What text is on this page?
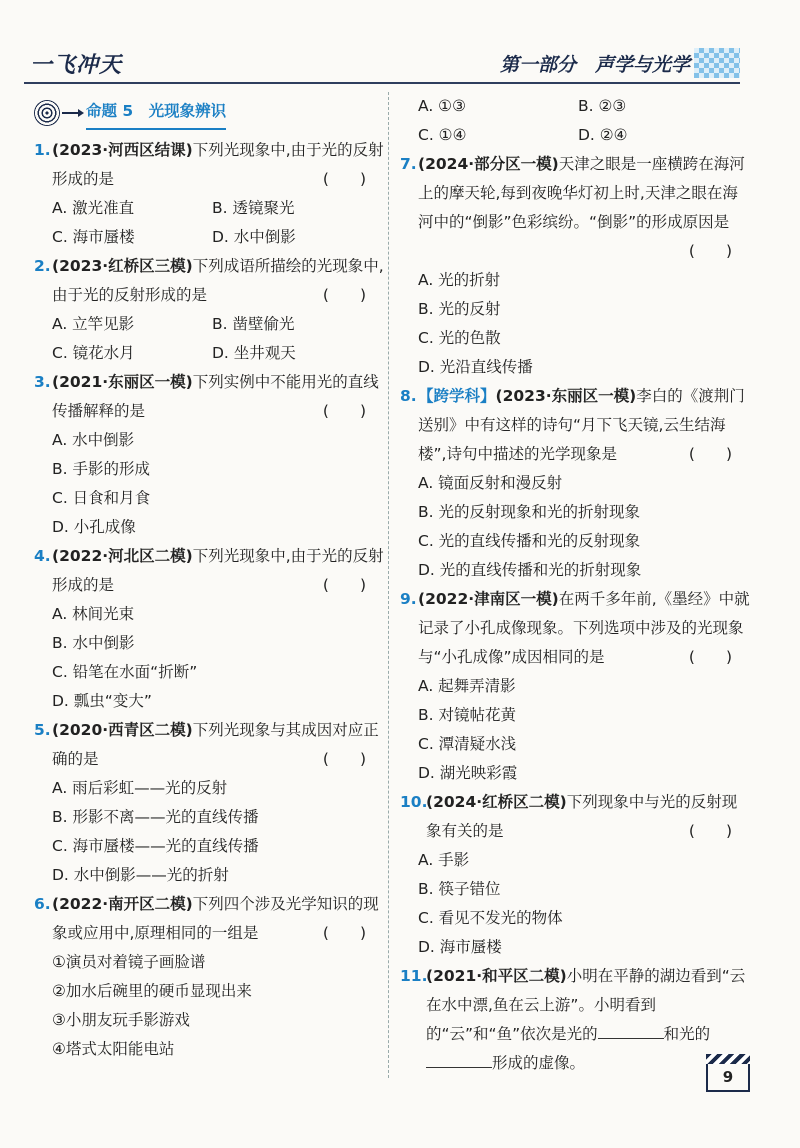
一飞冲天	第一部分　声学与光学
命题 5　光现象辨识
1. (2023·河西区结课)下列光现象中,由于光的反射形成的是	(　　)
A. 激光准直	B. 透镜聚光
C. 海市蜃楼	D. 水中倒影
2. (2023·红桥区三模)下列成语所描绘的光现象中,由于光的反射形成的是	(　　)
A. 立竿见影	B. 凿壁偷光
C. 镜花水月	D. 坐井观天
3. (2021·东丽区一模)下列实例中不能用光的直线传播解释的是	(　　)
A. 水中倒影
B. 手影的形成
C. 日食和月食
D. 小孔成像
4. (2022·河北区二模)下列光现象中,由于光的反射形成的是	(　　)
A. 林间光束
B. 水中倒影
C. 铅笔在水面“折断”
D. 瓢虫“变大”
5. (2020·西青区二模)下列光现象与其成因对应正确的是	(　　)
A. 雨后彩虹——光的反射
B. 形影不离——光的直线传播
C. 海市蜃楼——光的直线传播
D. 水中倒影——光的折射
6. (2022·南开区二模)下列四个涉及光学知识的现象或应用中,原理相同的一组是	(　　)
①演员对着镜子画脸谱
②加水后碗里的硬币显现出来
③小朋友玩手影游戏
④塔式太阳能电站
A. ①③	B. ②③
C. ①④	D. ②④
7. (2024·部分区一模)天津之眼是一座横跨在海河上的摩天轮,每到夜晚华灯初上时,天津之眼在海河中的“倒影”色彩缤纷。“倒影”的形成原因是
(　　)
A. 光的折射
B. 光的反射
C. 光的色散
D. 光沿直线传播
8. 【跨学科】(2023·东丽区一模)李白的《渡荆门送别》中有这样的诗句“月下飞天镜,云生结海楼”,诗句中描述的光学现象是	(　　)
A. 镜面反射和漫反射
B. 光的反射现象和光的折射现象
C. 光的直线传播和光的反射现象
D. 光的直线传播和光的折射现象
9. (2022·津南区一模)在两千多年前,《墨经》中就记录了小孔成像现象。下列选项中涉及的光现象与“小孔成像”成因相同的是	(　　)
A. 起舞弄清影
B. 对镜帖花黄
C. 潭清疑水浅
D. 湖光映彩霞
10.
(2024·红桥区二模)下列现象中与光的反射现象有关的是	(　　)
A. 手影
B. 筷子错位
C. 看见不发光的物体
D. 海市蜃楼
11.
(2021·和平区二模)小明在平静的湖边看到“云在水中漂,鱼在云上游”。小明看到的“云”和“鱼”依次是光的	和光的形成的虚像。
9
